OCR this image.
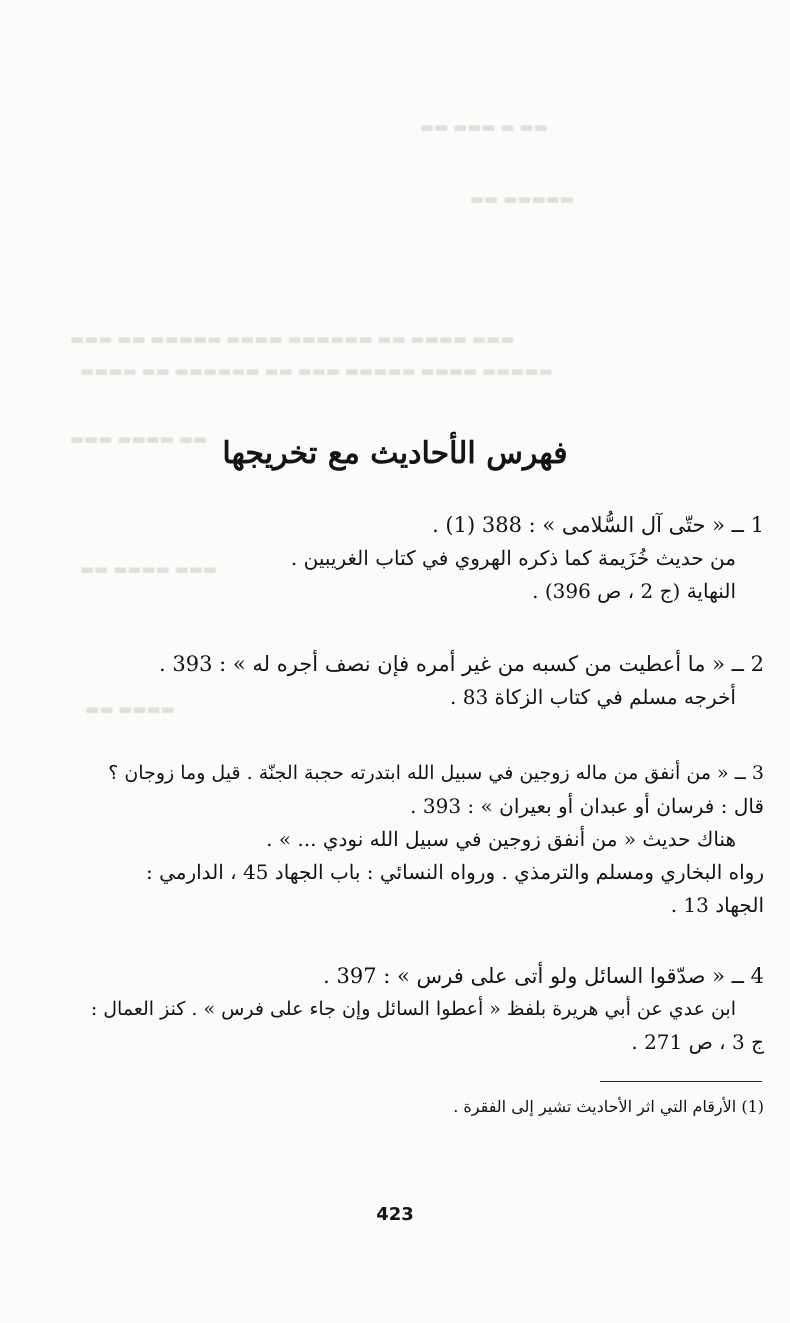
▬▬ ▬ ▬▬▬ ▬▬
▬▬▬▬▬ ▬▬
▬▬▬ ▬▬▬▬ ▬▬ ▬▬▬▬▬▬ ▬▬▬▬ ▬▬▬▬▬ ▬▬ ▬▬▬
▬▬▬▬▬ ▬▬▬▬ ▬▬▬▬▬ ▬▬▬ ▬▬ ▬▬▬▬▬▬ ▬▬ ▬▬▬▬
▬▬ ▬▬▬▬ ▬▬▬
▬▬▬ ▬▬▬▬ ▬▬
▬▬▬▬ ▬▬
فهرس الأحاديث مع تخريجها
1 ــ « حتّى آل السُّلامى » : 388 (1) .
من حديث خُزَيمة كما ذكره الهروي في كتاب الغريبين .
النهاية (ج 2 ، ص 396) .
2 ــ « ما أعطيت من كسبه من غير أمره فإن نصف أجره له » : 393 .
أخرجه مسلم في كتاب الزكاة 83 .
3 ــ « من أنفق من ماله زوجين في سبيل الله ابتدرته حجبة الجنّة . قيل وما زوجان ؟
قال : فرسان أو عبدان أو بعيران » : 393 .
هناك حديث « من أنفق زوجين في سبيل الله نودي ... » .
رواه البخاري ومسلم والترمذي . ورواه النسائي : باب الجهاد 45 ، الدارمي :
الجهاد 13 .
4 ــ « صدّقوا السائل ولو أتى على فرس » : 397 .
ابن عدي عن أبي هريرة بلفظ « أعطوا السائل وإن جاء على فرس » . كنز العمال :
ج 3 ، ص 271 .
(1) الأرقام التي اثر الأحاديث تشير إلى الفقرة .
423
